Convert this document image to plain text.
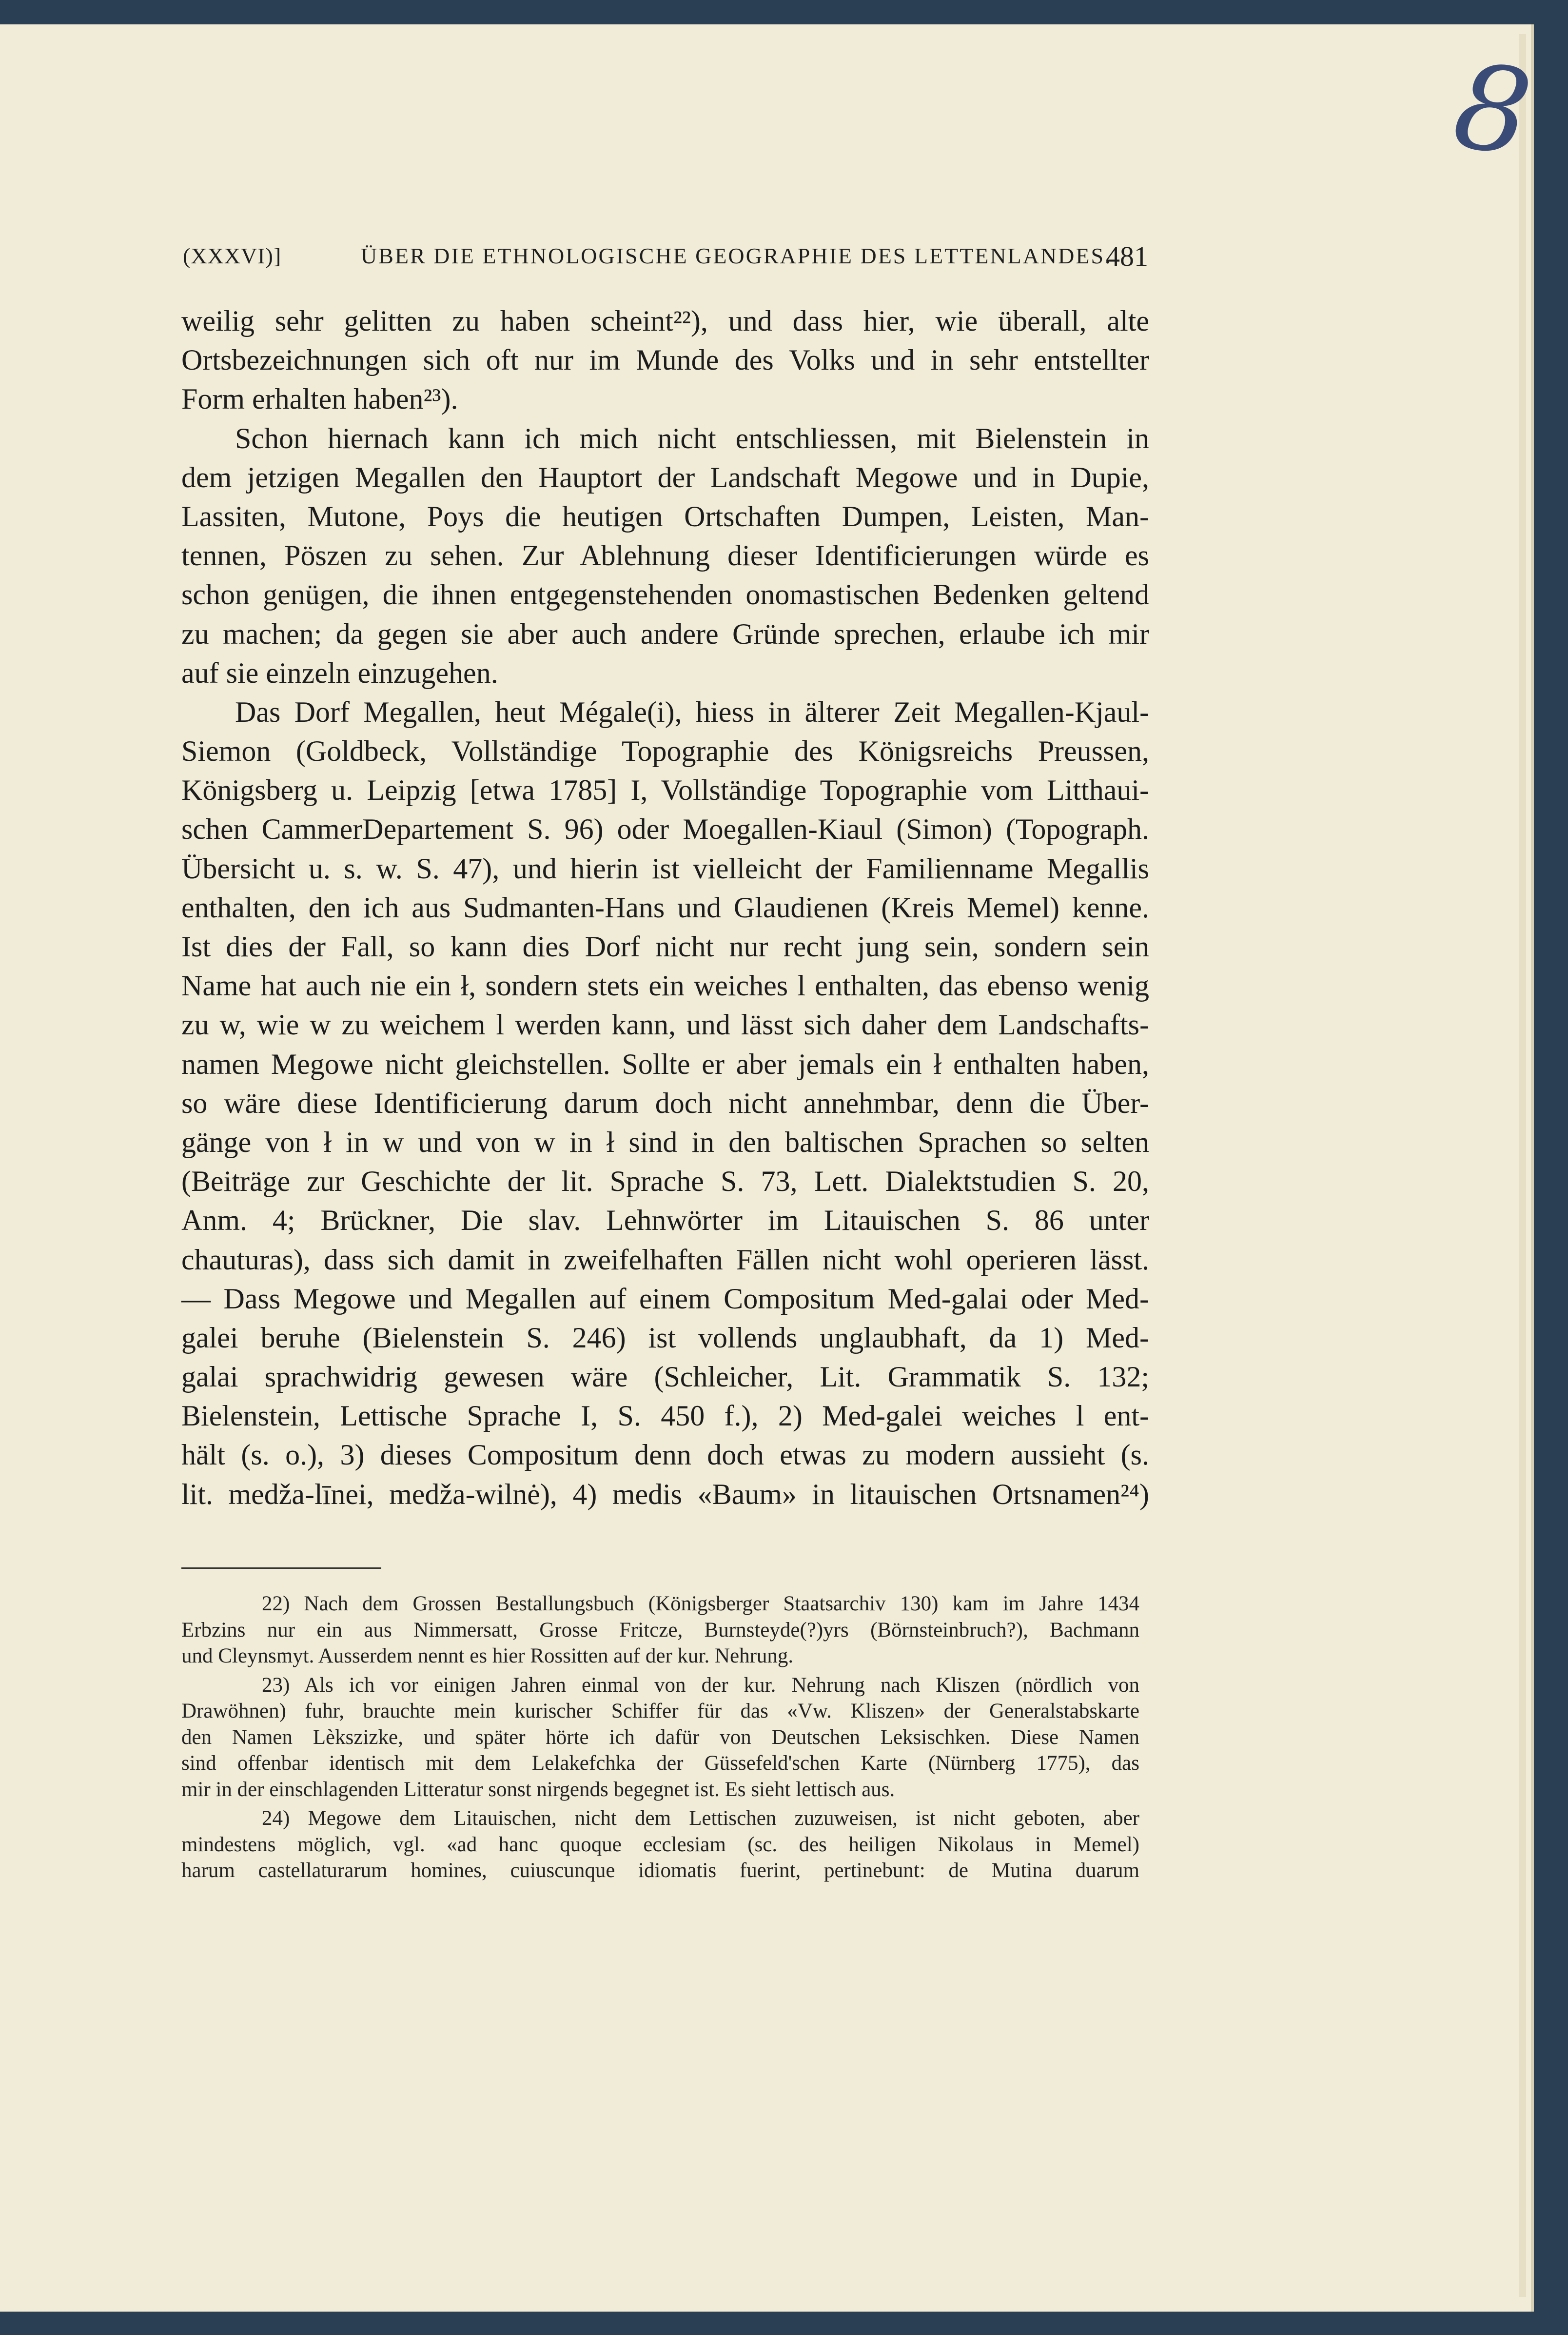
8
(XXXVI)]	ÜBER DIE ETHNOLOGISCHE GEOGRAPHIE DES LETTENLANDES.
481
weilig sehr gelitten zu haben scheint²²), und dass hier, wie überall, alte
Ortsbezeichnungen sich oft nur im Munde des Volks und in sehr entstellter
Form erhalten haben²³).
Schon hiernach kann ich mich nicht entschliessen, mit Bielenstein in
dem jetzigen Megallen den Hauptort der Landschaft Megowe und in Dupie,
Lassiten, Mutone, Poys die heutigen Ortschaften Dumpen, Leisten, Man-
tennen, Pöszen zu sehen. Zur Ablehnung dieser Identificierungen würde es
schon genügen, die ihnen entgegenstehenden onomastischen Bedenken geltend
zu machen; da gegen sie aber auch andere Gründe sprechen, erlaube ich mir
auf sie einzeln einzugehen.
Das Dorf Megallen, heut Mégale(i), hiess in älterer Zeit Megallen-Kjaul-
Siemon (Goldbeck, Vollständige Topographie des Königsreichs Preussen,
Königsberg u. Leipzig [etwa 1785] I, Vollständige Topographie vom Litthaui-
schen CammerDepartement S. 96) oder Moegallen-Kiaul (Simon) (Topograph.
Übersicht u. s. w. S. 47), und hierin ist vielleicht der Familienname Megallis
enthalten, den ich aus Sudmanten-Hans und Glaudienen (Kreis Memel) kenne.
Ist dies der Fall, so kann dies Dorf nicht nur recht jung sein, sondern sein
Name hat auch nie ein ł, sondern stets ein weiches l enthalten, das ebenso wenig
zu w, wie w zu weichem l werden kann, und lässt sich daher dem Landschafts-
namen Megowe nicht gleichstellen. Sollte er aber jemals ein ł enthalten haben,
so wäre diese Identificierung darum doch nicht annehmbar, denn die Über-
gänge von ł in w und von w in ł sind in den baltischen Sprachen so selten
(Beiträge zur Geschichte der lit. Sprache S. 73, Lett. Dialektstudien S. 20,
Anm. 4; Brückner, Die slav. Lehnwörter im Litauischen S. 86 unter
chauturas), dass sich damit in zweifelhaften Fällen nicht wohl operieren lässt.
— Dass Megowe und Megallen auf einem Compositum Med-galai oder Med-
galei beruhe (Bielenstein S. 246) ist vollends unglaubhaft, da 1) Med-
galai sprachwidrig gewesen wäre (Schleicher, Lit. Grammatik S. 132;
Bielenstein, Lettische Sprache I, S. 450 f.), 2) Med-galei weiches l ent-
hält (s. o.), 3) dieses Compositum denn doch etwas zu modern aussieht (s.
lit. medža-līnei, medža-wilnė), 4) medis «Baum» in litauischen Ortsnamen²⁴)
22) Nach dem Grossen Bestallungsbuch (Königsberger Staatsarchiv 130) kam im Jahre 1434
Erbzins nur ein aus Nimmersatt, Grosse Fritcze, Burnsteyde(?)yrs (Börnsteinbruch?), Bachmann
und Cleynsmyt. Ausserdem nennt es hier Rossitten auf der kur. Nehrung.
23) Als ich vor einigen Jahren einmal von der kur. Nehrung nach Kliszen (nördlich von
Drawöhnen) fuhr, brauchte mein kurischer Schiffer für das «Vw. Kliszen» der Generalstabskarte
den Namen Lèkszizke, und später hörte ich dafür von Deutschen Leksischken. Diese Namen
sind offenbar identisch mit dem Lelakefchka der Güssefeld'schen Karte (Nürnberg 1775), das
mir in der einschlagenden Litteratur sonst nirgends begegnet ist. Es sieht lettisch aus.
24) Megowe dem Litauischen, nicht dem Lettischen zuzuweisen, ist nicht geboten, aber
mindestens möglich, vgl. «ad hanc quoque ecclesiam (sc. des heiligen Nikolaus in Memel)
harum castellaturarum homines, cuiuscunque idiomatis fuerint, pertinebunt: de Mutina duarum
